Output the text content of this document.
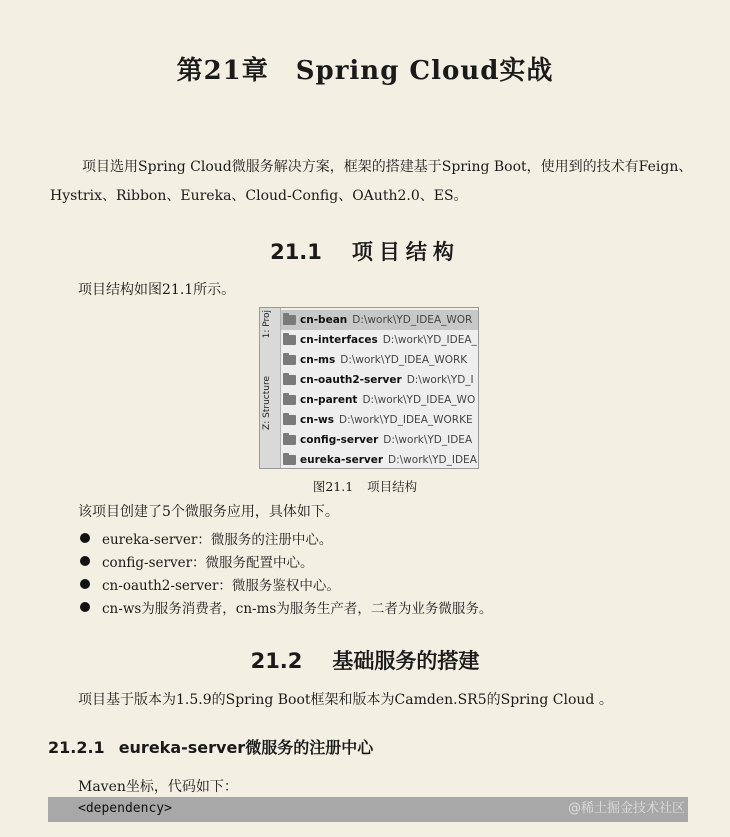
第21章　Spring Cloud实战
项目选用Spring Cloud微服务解决方案，框架的搭建基于Spring Boot，使用到的技术有Feign、Hystrix、Ribbon、Eureka、Cloud-Config、OAuth2.0、ES。
21.1 项目结构
项目结构如图21.1所示。
1: Proj
Z: Structure
cn-bean D:\work\YD_IDEA_WOR
cn-interfaces D:\work\YD_IDEA_
cn-ms D:\work\YD_IDEA_WORK
cn-oauth2-server D:\work\YD_I
cn-parent D:\work\YD_IDEA_WO
cn-ws D:\work\YD_IDEA_WORKE
config-server D:\work\YD_IDEA
eureka-server D:\work\YD_IDEA
图21.1 项目结构
该项目创建了5个微服务应用，具体如下。
eureka-server：微服务的注册中心。
config-server：微服务配置中心。
cn-oauth2-server：微服务鉴权中心。
cn-ws为服务消费者，cn-ms为服务生产者，二者为业务微服务。
21.2 基础服务的搭建
项目基于版本为1.5.9的Spring Boot框架和版本为Camden.SR5的Spring Cloud 。
21.2.1 eureka-server微服务的注册中心
Maven坐标，代码如下：
<dependency>	@稀土掘金技术社区
